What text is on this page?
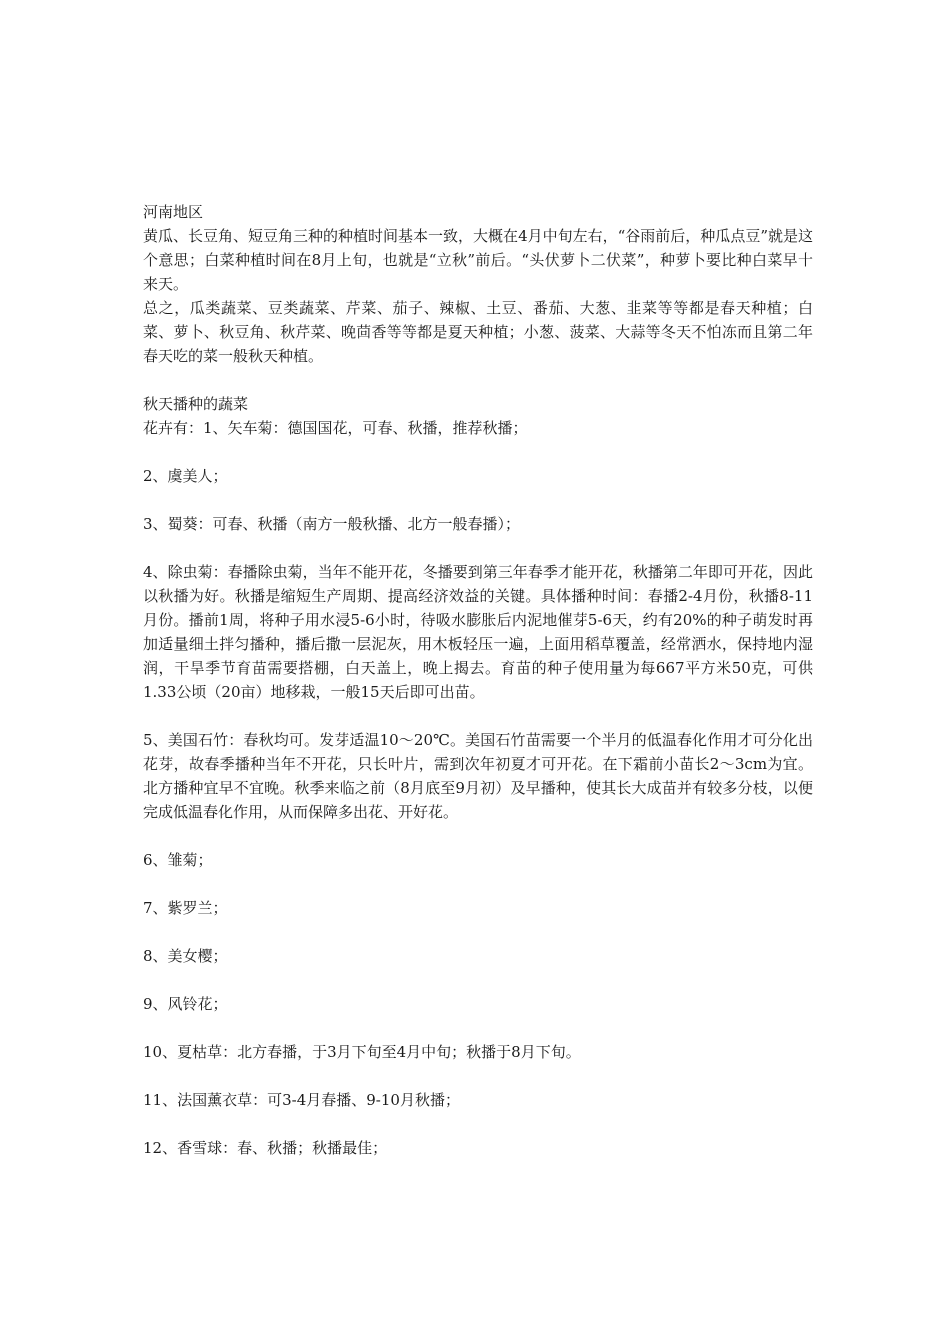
河南地区

黄瓜、长豆角、短豆角三种的种植时间基本一致，大概在4月中旬左右，“谷雨前后，种瓜点豆”就是这个意思；白菜种植时间在8月上旬，也就是“立秋”前后。“头伏萝卜二伏菜”，种萝卜要比种白菜早十来天。

总之，瓜类蔬菜、豆类蔬菜、芹菜、茄子、辣椒、土豆、番茄、大葱、韭菜等等都是春天种植；白菜、萝卜、秋豆角、秋芹菜、晚茴香等等都是夏天种植；小葱、菠菜、大蒜等冬天不怕冻而且第二年春天吃的菜一般秋天种植。

秋天播种的蔬菜

花卉有：1、矢车菊：德国国花，可春、秋播，推荐秋播；

2、虞美人；

3、蜀葵：可春、秋播（南方一般秋播、北方一般春播）；

4、除虫菊：春播除虫菊，当年不能开花，冬播要到第三年春季才能开花，秋播第二年即可开花，因此以秋播为好。秋播是缩短生产周期、提高经济效益的关键。具体播种时间：春播2-4月份，秋播8-11月份。播前1周，将种子用水浸5-6小时，待吸水膨胀后内泥地催芽5-6天，约有20%的种子萌发时再加适量细土拌匀播种，播后撒一层泥灰，用木板轻压一遍，上面用稻草覆盖，经常洒水，保持地内湿润，干旱季节育苗需要搭棚，白天盖上，晚上揭去。育苗的种子使用量为每667平方米50克，可供1.33公顷（20亩）地移栽，一般15天后即可出苗。

5、美国石竹：春秋均可。发芽适温10～20℃。美国石竹苗需要一个半月的低温春化作用才可分化出花芽，故春季播种当年不开花，只长叶片，需到次年初夏才可开花。在下霜前小苗长2～3cm为宜。北方播种宜早不宜晚。秋季来临之前（8月底至9月初）及早播种，使其长大成苗并有较多分枝，以便完成低温春化作用，从而保障多出花、开好花。

6、雏菊；

7、紫罗兰；

8、美女樱；

9、风铃花；

10、夏枯草：北方春播，于3月下旬至4月中旬；秋播于8月下旬。

11、法国薰衣草：可3-4月春播、9-10月秋播；

12、香雪球：春、秋播；秋播最佳；
